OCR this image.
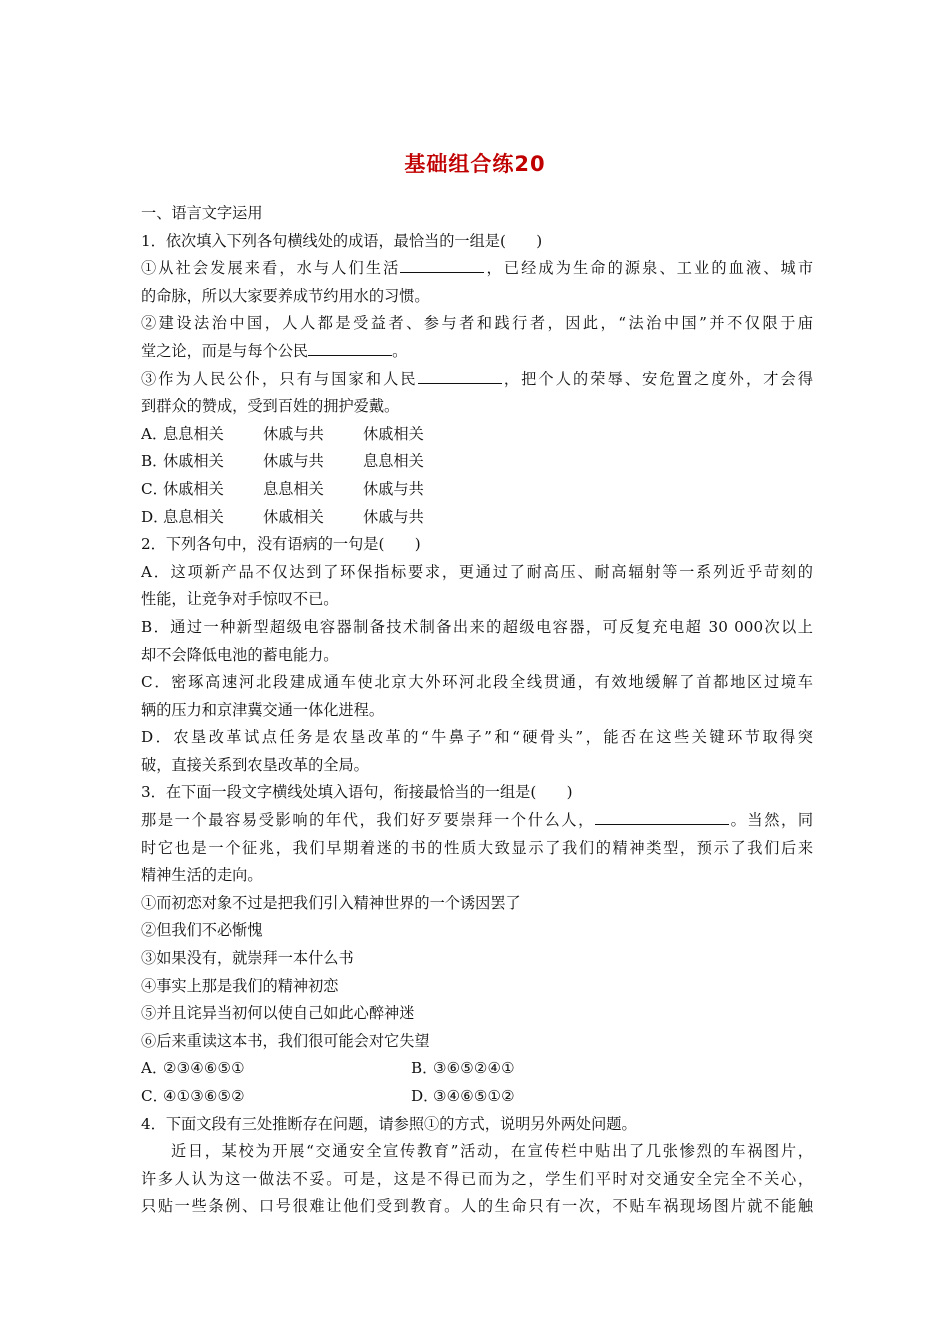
基础组合练20
一、语言文字运用
1．依次填入下列各句横线处的成语，最恰当的一组是(　　)
①从社会发展来看，水与人们生活	，已经成为生命的源泉、工业的血液、城市
的命脉，所以大家要养成节约用水的习惯。
②建设法治中国，人人都是受益者、参与者和践行者，因此，“法治中国”并不仅限于庙
堂之论，而是与每个公民	。
③作为人民公仆，只有与国家和人民	，把个人的荣辱、安危置之度外，才会得
到群众的赞成，受到百姓的拥护爱戴。
A．息息相关	休戚与共	休戚相关
B．休戚相关	休戚与共	息息相关
C．休戚相关	息息相关	休戚与共
D．息息相关	休戚相关	休戚与共
2．下列各句中，没有语病的一句是(　　)
A．这项新产品不仅达到了环保指标要求，更通过了耐高压、耐高辐射等一系列近乎苛刻的
性能，让竞争对手惊叹不已。
B．通过一种新型超级电容器制备技术制备出来的超级电容器，可反复充电超 30 000次以上
却不会降低电池的蓄电能力。
C．密琢高速河北段建成通车使北京大外环河北段全线贯通，有效地缓解了首都地区过境车
辆的压力和京津冀交通一体化进程。
D．农垦改革试点任务是农垦改革的“牛鼻子”和“硬骨头”，能否在这些关键环节取得突
破，直接关系到农垦改革的全局。
3．在下面一段文字横线处填入语句，衔接最恰当的一组是(　　)
那是一个最容易受影响的年代，我们好歹要崇拜一个什么人，	。当然，同
时它也是一个征兆，我们早期着迷的书的性质大致显示了我们的精神类型，预示了我们后来
精神生活的走向。
①而初恋对象不过是把我们引入精神世界的一个诱因罢了
②但我们不必惭愧
③如果没有，就崇拜一本什么书
④事实上那是我们的精神初恋
⑤并且诧异当初何以使自己如此心醉神迷
⑥后来重读这本书，我们很可能会对它失望
A．②③④⑥⑤①	B．③⑥⑤②④①
C．④①③⑥⑤②	D．③④⑥⑤①②
4．下面文段有三处推断存在问题，请参照①的方式，说明另外两处问题。
近日，某校为开展“交通安全宣传教育”活动，在宣传栏中贴出了几张惨烈的车祸图片，
许多人认为这一做法不妥。可是，这是不得已而为之，学生们平时对交通安全完全不关心，
只贴一些条例、口号很难让他们受到教育。人的生命只有一次，不贴车祸现场图片就不能触
